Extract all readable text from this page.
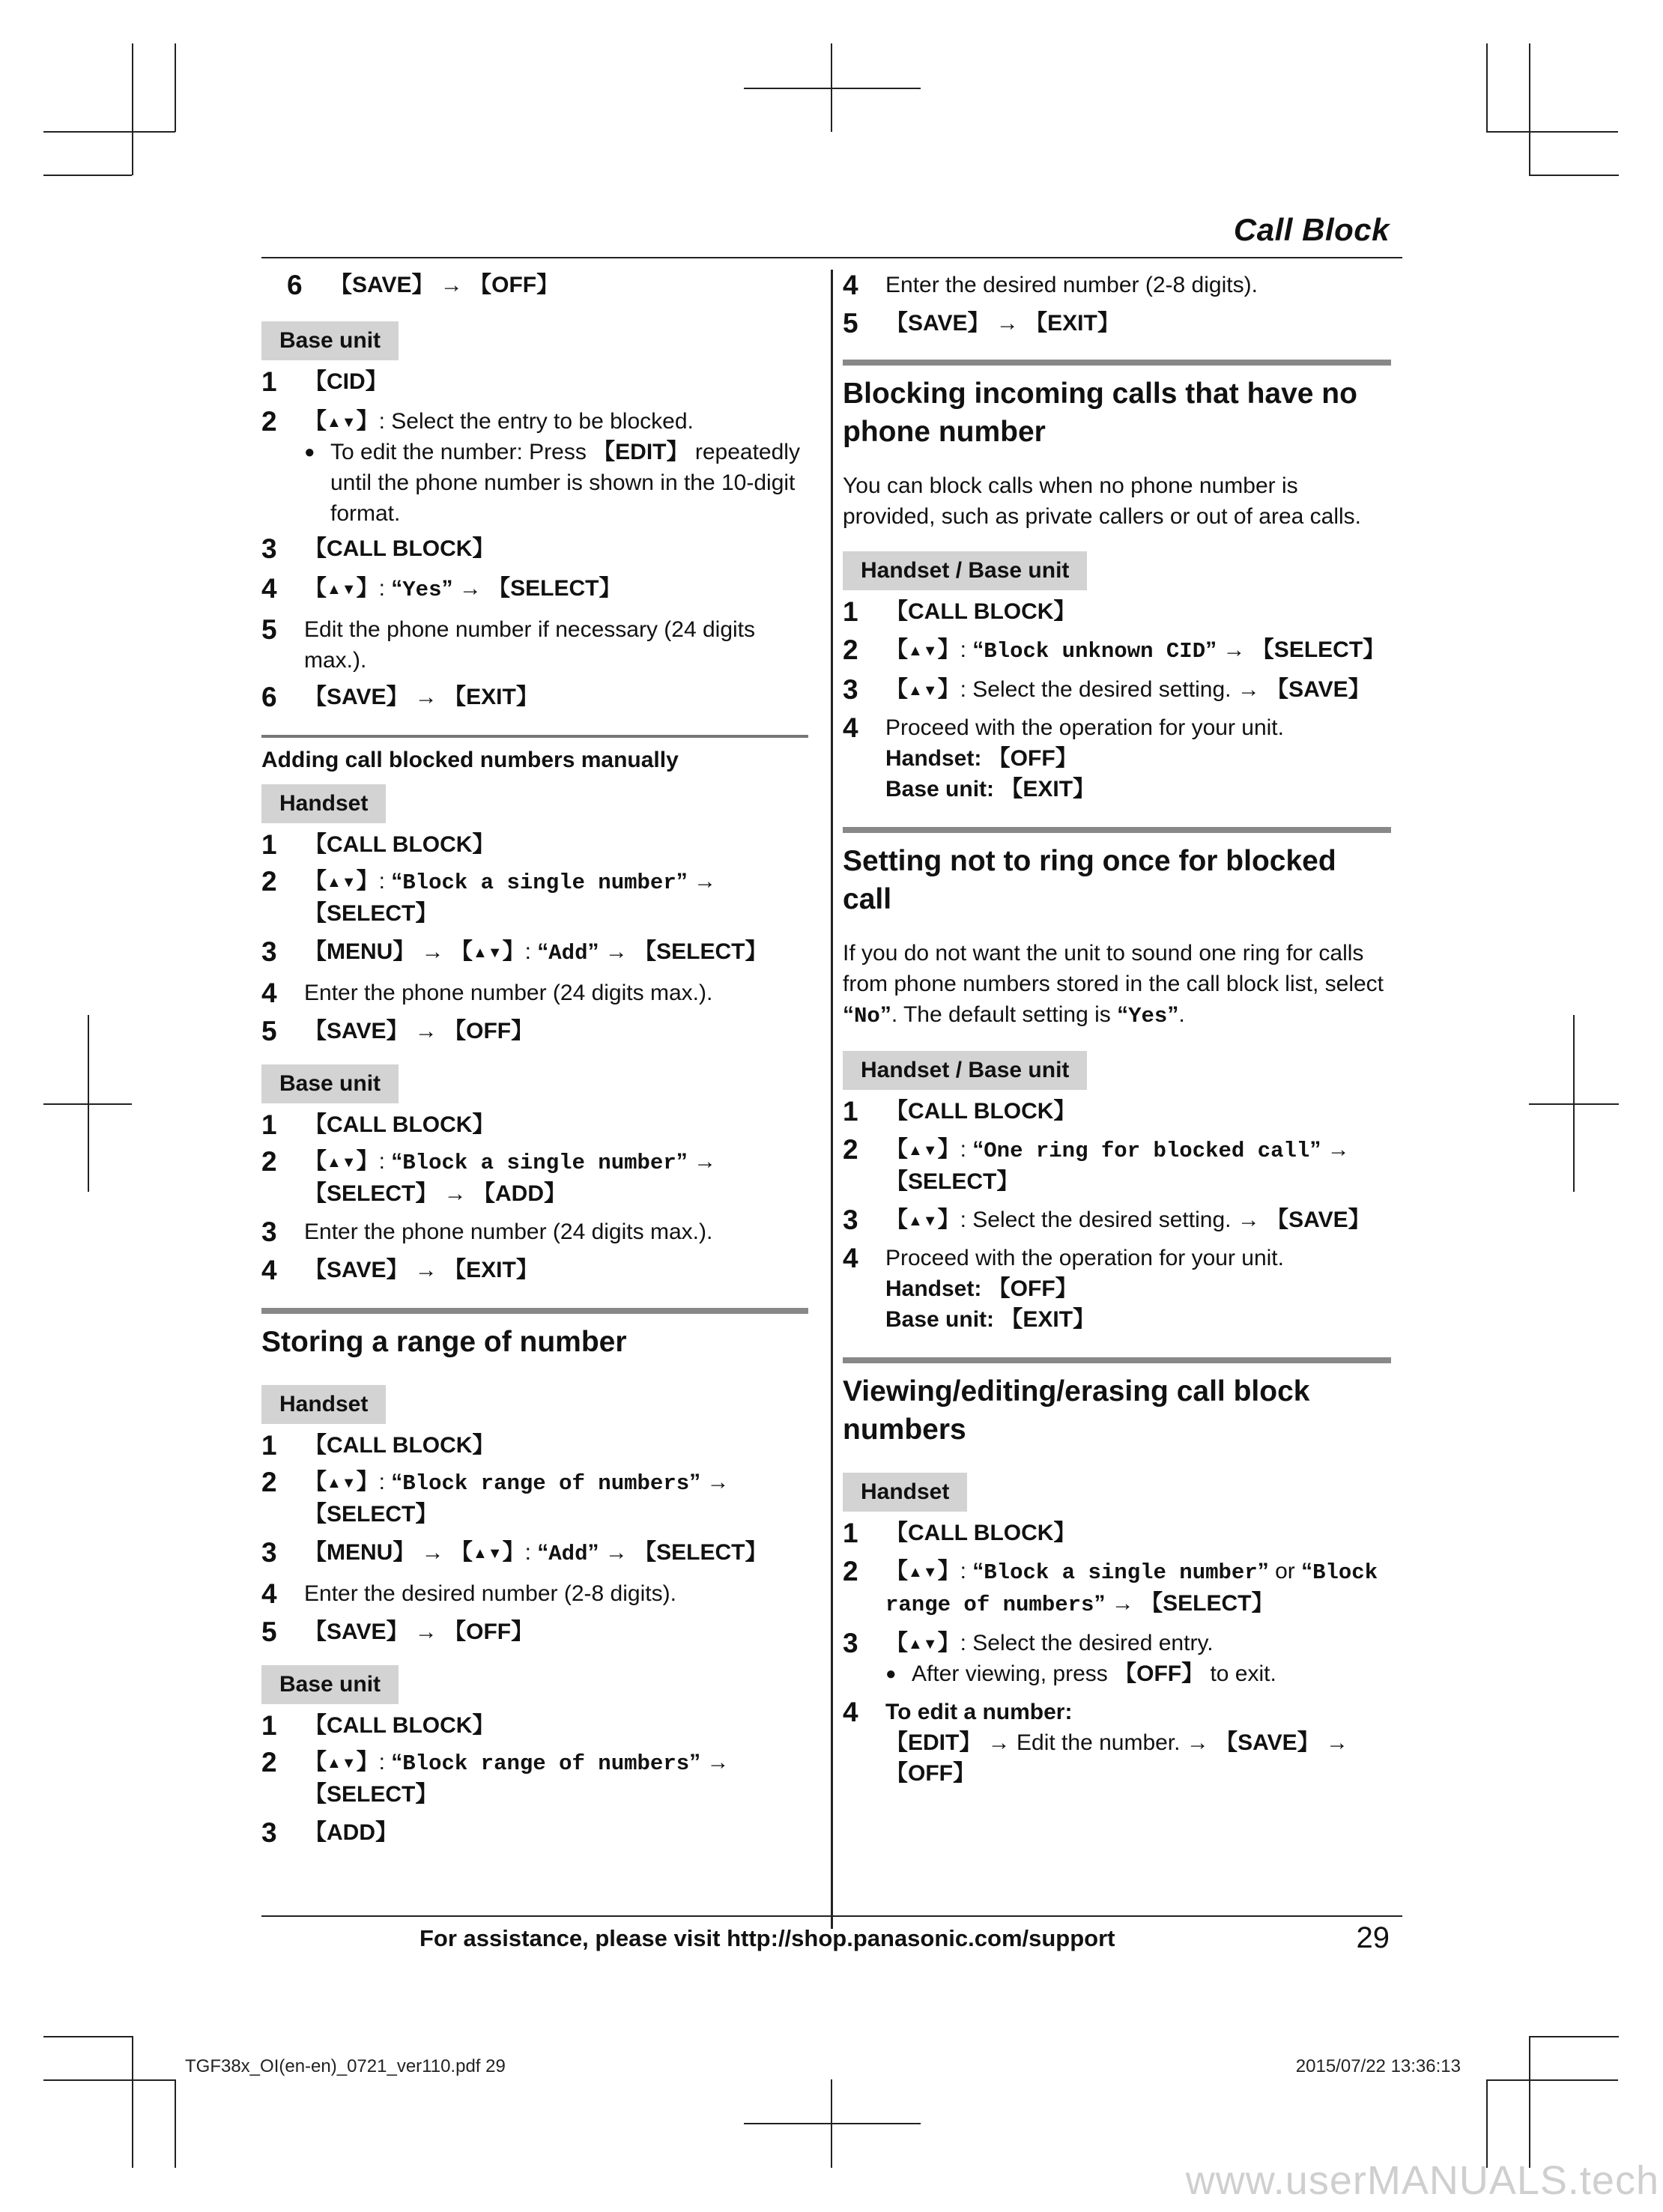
Call Block
6	【SAVE】 → 【OFF】
Base unit
1	【CID】
2	【▲▼】: Select the entry to be blocked.
● To edit the number: Press 【EDIT】 repeatedly until the phone number is shown in the 10-digit format.
3	【CALL BLOCK】
4	【▲▼】: “Yes” → 【SELECT】
5	Edit the phone number if necessary (24 digits max.).
6	【SAVE】 → 【EXIT】
Adding call blocked numbers manually
Handset
1	【CALL BLOCK】
2	【▲▼】: “Block a single number” →
【SELECT】
3	【MENU】 → 【▲▼】: “Add” → 【SELECT】
4	Enter the phone number (24 digits max.).
5	【SAVE】 → 【OFF】
Base unit
1	【CALL BLOCK】
2	【▲▼】: “Block a single number” →
【SELECT】 → 【ADD】
3	Enter the phone number (24 digits max.).
4	【SAVE】 → 【EXIT】
Storing a range of number
Handset
1	【CALL BLOCK】
2	【▲▼】: “Block range of numbers” →
【SELECT】
3	【MENU】 → 【▲▼】: “Add” → 【SELECT】
4	Enter the desired number (2-8 digits).
5	【SAVE】 → 【OFF】
Base unit
1	【CALL BLOCK】
2	【▲▼】: “Block range of numbers” →
【SELECT】
3	【ADD】
4	Enter the desired number (2-8 digits).
5	【SAVE】 → 【EXIT】
Blocking incoming calls that have no phone number
You can block calls when no phone number is provided, such as private callers or out of area calls.
Handset / Base unit
1	【CALL BLOCK】
2	【▲▼】: “Block unknown CID” → 【SELECT】
3	【▲▼】: Select the desired setting. → 【SAVE】
4	Proceed with the operation for your unit.
Handset: 【OFF】
Base unit: 【EXIT】
Setting not to ring once for blocked call
If you do not want the unit to sound one ring for calls from phone numbers stored in the call block list, select “No”. The default setting is “Yes”.
Handset / Base unit
1	【CALL BLOCK】
2	【▲▼】: “One ring for blocked call” →
【SELECT】
3	【▲▼】: Select the desired setting. → 【SAVE】
4	Proceed with the operation for your unit.
Handset: 【OFF】
Base unit: 【EXIT】
Viewing/editing/erasing call block numbers
Handset
1	【CALL BLOCK】
2	【▲▼】: “Block a single number” or “Block
range of numbers” → 【SELECT】
3	【▲▼】: Select the desired entry.
● After viewing, press 【OFF】 to exit.
4	To edit a number:
【EDIT】 → Edit the number. → 【SAVE】 →
【OFF】
For assistance, please visit http://shop.panasonic.com/support	29
TGF38x_OI(en-en)_0721_ver110.pdf 29	2015/07/22 13:36:13
www.userMANUALS.tech
